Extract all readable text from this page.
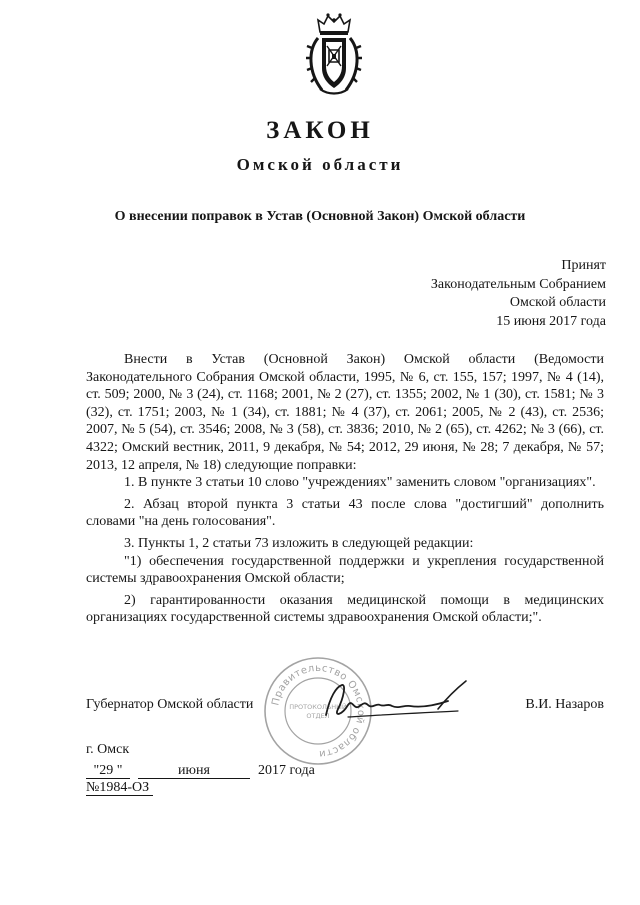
ЗАКОН
Омской области
О внесении поправок в Устав (Основной Закон) Омской области
Принят
Законодательным Собранием
Омской области
15 июня 2017 года

Внести в Устав (Основной Закон) Омской области (Ведомости Законодательного Собрания Омской области, 1995, № 6, ст. 155, 157; 1997, № 4 (14), ст. 509; 2000, № 3 (24), ст. 1168; 2001, № 2 (27), ст. 1355; 2002, № 1 (30), ст. 1581; № 3 (32), ст. 1751; 2003, № 1 (34), ст. 1881; № 4 (37), ст. 2061; 2005, № 2 (43), ст. 2536; 2007, № 5 (54), ст. 3546; 2008, № 3 (58), ст. 3836; 2010, № 2 (65), ст. 4262; № 3 (66), ст. 4322; Омский вестник, 2011, 9 декабря, № 54; 2012, 29 июня, № 28; 7 декабря, № 57; 2013, 12 апреля, № 18) следующие поправки:

1. В пункте 3 статьи 10 слово "учреждениях" заменить словом "организациях".

2. Абзац второй пункта 3 статьи 43 после слова "достигший" дополнить словами "на день голосования".

3. Пункты 1, 2 статьи 73 изложить в следующей редакции:

"1) обеспечения государственной поддержки и укрепления государственной системы здравоохранения Омской области;

2) гарантированности оказания медицинской помощи в медицинских организациях государственной системы здравоохранения Омской области;".

Губернатор Омской области Правительство Омской области
ПРОТОКОЛЬНЫЙ
ОТДЕЛ
В.И. Назаров
г. Омск
"29 "	июня	2017 года
№1984-ОЗ
